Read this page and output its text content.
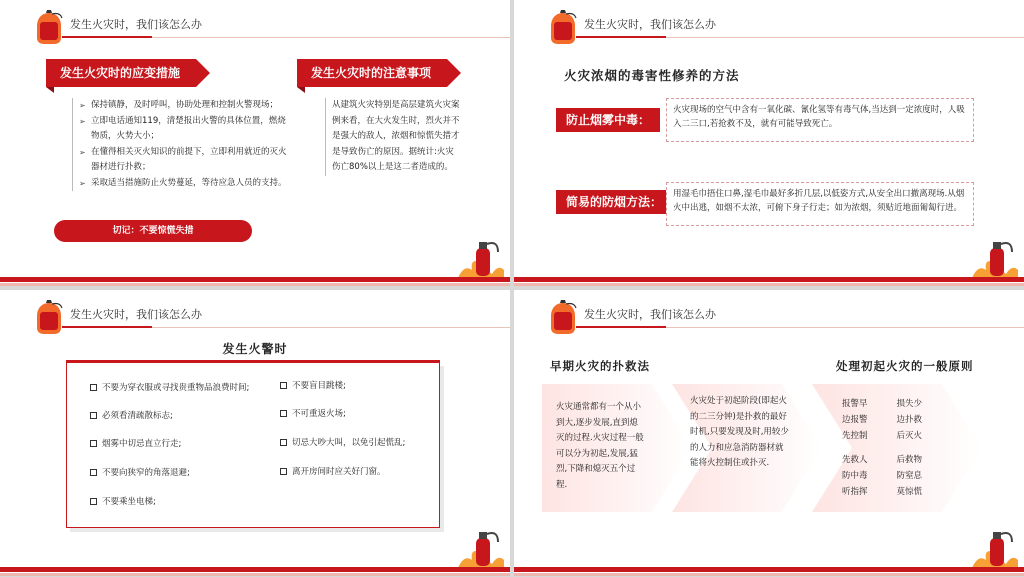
发生火灾时，我们该怎么办
发生火灾时的应变措施	发生火灾时的注意事项
➢ 保持镇静，及时呼叫，协助处理和控制火警现场；
➢ 立即电话通知119，清楚报出火警的具体位置，燃烧物质，火势大小；
➢ 在懂得相关灭火知识的前提下，立即利用就近的灭火器材进行扑救；
➢ 采取适当措施防止火势蔓延，等待应急人员的支持。
从建筑火灾特别是高层建筑火灾案例来看，在大火发生时，烈火并不是强大的敌人，浓烟和惊慌失措才是导致伤亡的原因。据统计:火灾伤亡80%以上是这二者造成的。
切记：不要惊慌失措
发生火灾时，我们该怎么办
火灾浓烟的毒害性修养的方法
防止烟雾中毒：
火灾现场的空气中含有一氧化碳、氰化氢等有毒气体,当达到一定浓度时，人吸入二三口,若抢救不及，就有可能导致死亡。
简易的防烟方法：
用湿毛巾捂住口鼻,湿毛巾最好多折几层,以低姿方式,从安全出口撤离现场.从烟火中出逃，如烟不太浓，可俯下身子行走；如为浓烟，须贴近地面匍匐行进。
发生火灾时，我们该怎么办
发生火警时
不要为穿衣服或寻找贵重物品浪费时间;
必须看清疏散标志;
烟雾中切忌直立行走;
不要向狭窄的角落退避;
不要乘坐电梯;
不要盲目跳楼;
不可重返火场;
切忌大吵大叫，以免引起慌乱;
离开房间时应关好门窗。
发生火灾时，我们该怎么办
早期火灾的扑救法	处理初起火灾的一般原则
火灾通常都有一个从小到大,逐步发展,直到熄灭的过程.火灾过程一般可以分为初起,发展,猛烈,下降和熄灭五个过程.
火灾处于初起阶段(即起火的二三分钟)是扑救的最好时机,只要发现及时,用较少的人力和应急消防器材就能将火控制住或扑灭.
报警早	损失少
边报警	边扑救
先控制	后灭火
先救人	后救物
防中毒	防窒息
听指挥	莫惊慌
